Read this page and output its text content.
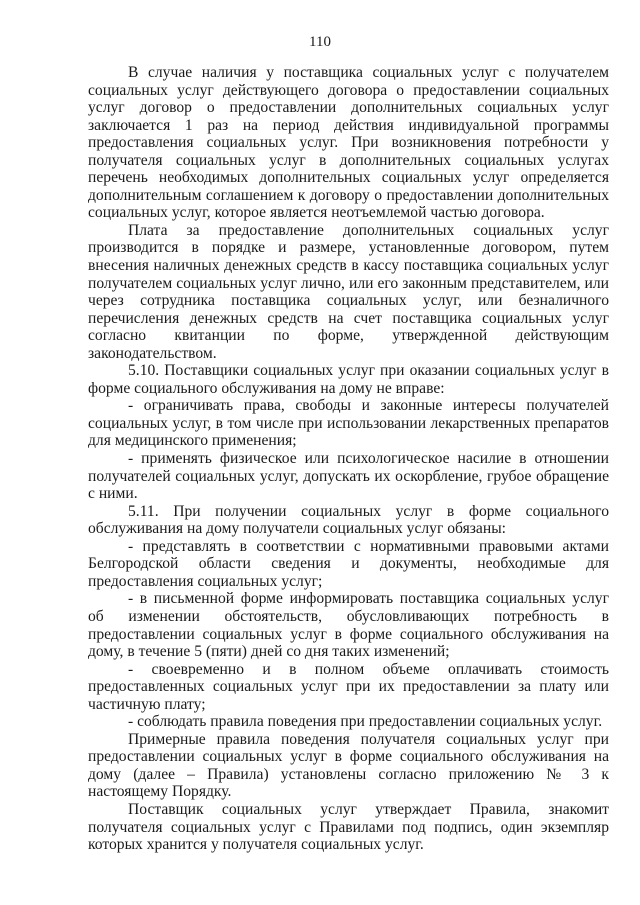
110

В случае наличия у поставщика социальных услуг с получателем социальных услуг действующего договора о предоставлении социальных услуг договор о предоставлении дополнительных социальных услуг заключается 1 раз на период действия индивидуальной программы предоставления социальных услуг. При возникновения потребности у получателя социальных услуг в дополнительных социальных услугах перечень необходимых дополнительных социальных услуг определяется дополнительным соглашением к договору о предоставлении дополнительных социальных услуг, которое является неотъемлемой частью договора.

Плата за предоставление дополнительных социальных услуг производится в порядке и размере, установленные договором, путем внесения наличных денежных средств в кассу поставщика социальных услуг получателем социальных услуг лично, или его законным представителем, или через сотрудника поставщика социальных услуг, или безналичного перечисления денежных средств на счет поставщика социальных услуг согласно квитанции по форме, утвержденной действующим законодательством.

5.10. Поставщики социальных услуг при оказании социальных услуг в форме социального обслуживания на дому не вправе:

- ограничивать права, свободы и законные интересы получателей социальных услуг, в том числе при использовании лекарственных препаратов для медицинского применения;

- применять физическое или психологическое насилие в отношении получателей социальных услуг, допускать их оскорбление, грубое обращение с ними.

5.11. При получении социальных услуг в форме социального обслуживания на дому получатели социальных услуг обязаны:

- представлять в соответствии с нормативными правовыми актами Белгородской области сведения и документы, необходимые для предоставления социальных услуг;

- в письменной форме информировать поставщика социальных услуг об изменении обстоятельств, обусловливающих потребность в предоставлении социальных услуг в форме социального обслуживания на дому, в течение 5 (пяти) дней со дня таких изменений;

- своевременно и в полном объеме оплачивать стоимость предоставленных социальных услуг при их предоставлении за плату или частичную плату;

- соблюдать правила поведения при предоставлении социальных услуг.

Примерные правила поведения получателя социальных услуг при предоставлении социальных услуг в форме социального обслуживания на дому (далее – Правила) установлены согласно приложению № 3 к настоящему Порядку.

Поставщик социальных услуг утверждает Правила, знакомит получателя социальных услуг с Правилами под подпись, один экземпляр которых хранится у получателя социальных услуг.
